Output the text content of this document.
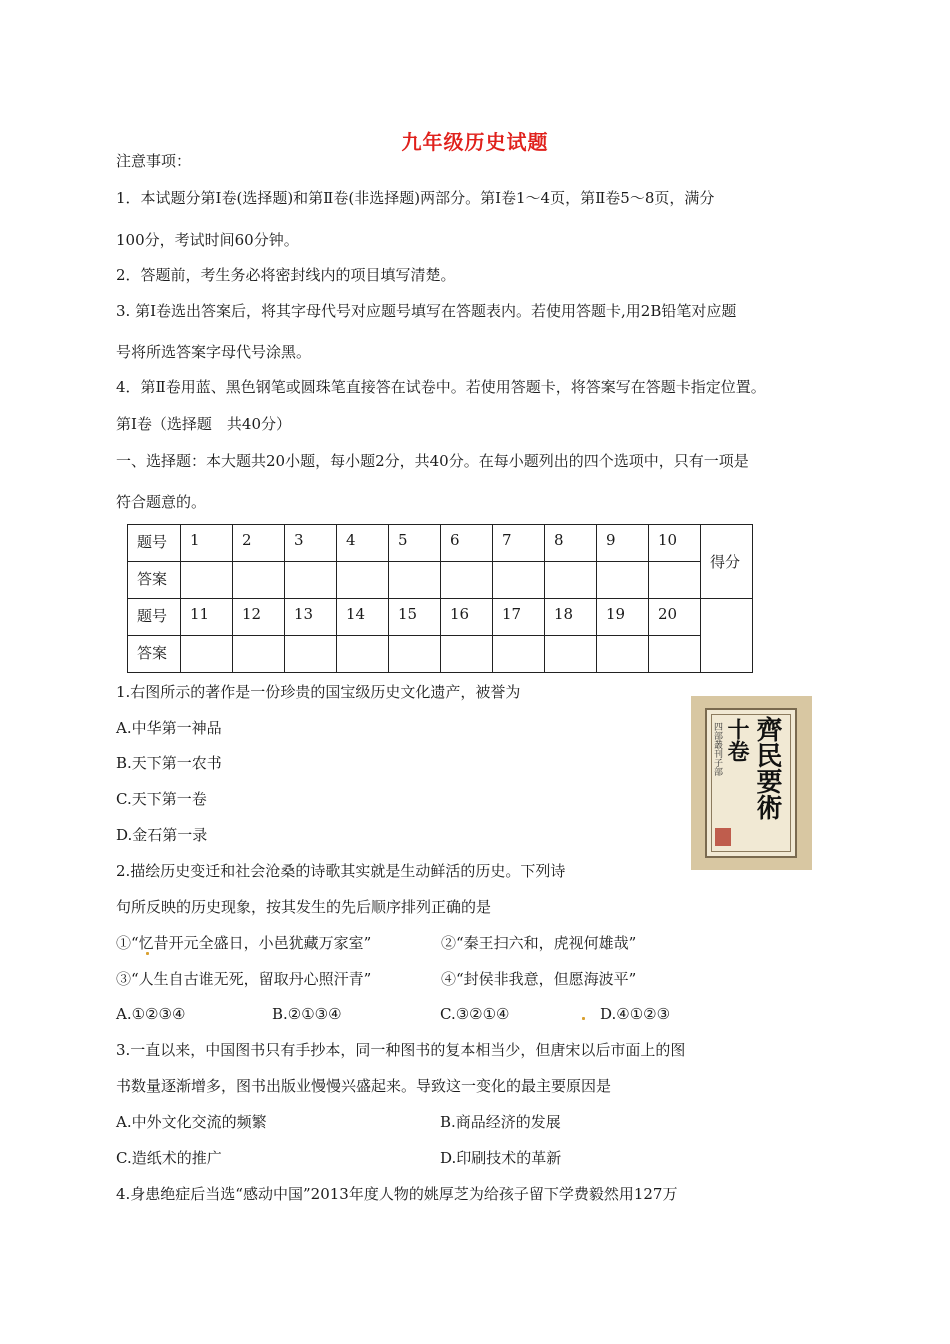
九年级历史试题
注意事项：
1．本试题分第Ⅰ卷(选择题)和第Ⅱ卷(非选择题)两部分。第Ⅰ卷1～4页，第Ⅱ卷5～8页，满分
100分，考试时间60分钟。
2．答题前，考生务必将密封线内的项目填写清楚。
3. 第Ⅰ卷选出答案后，将其字母代号对应题号填写在答题表内。若使用答题卡,用2B铅笔对应题
号将所选答案字母代号涂黑。
4．第Ⅱ卷用蓝、黑色钢笔或圆珠笔直接答在试卷中。若使用答题卡，将答案写在答题卡指定位置。
第Ⅰ卷（选择题　共40分）
一、选择题：本大题共20小题，每小题2分，共40分。在每小题列出的四个选项中，只有一项是
符合题意的。
题号	1	2	3	4	5	6	7	8	9	10	得分
答案											
题号	11	12	13	14	15	16	17	18	19	20	
答案											
齊民要術
十卷
四部叢刊子部
1.右图所示的著作是一份珍贵的国宝级历史文化遗产，被誉为
A.中华第一神品
B.天下第一农书
C.天下第一卷
D.金石第一录
2.描绘历史变迁和社会沧桑的诗歌其实就是生动鲜活的历史。下列诗
句所反映的历史现象，按其发生的先后顺序排列正确的是
①“忆昔开元全盛日，小邑犹藏万家室”	②“秦王扫六和，虎视何雄哉”
③“人生自古谁无死，留取丹心照汗青”	④“封侯非我意，但愿海波平”
A.①②③④	B.②①③④	C.③②①④	D.④①②③
3.一直以来，中国图书只有手抄本，同一种图书的复本相当少，但唐宋以后市面上的图
书数量逐渐增多，图书出版业慢慢兴盛起来。导致这一变化的最主要原因是
A.中外文化交流的频繁	B.商品经济的发展
C.造纸术的推广	D.印刷技术的革新
4.身患绝症后当选“感动中国”2013年度人物的姚厚芝为给孩子留下学费毅然用127万
